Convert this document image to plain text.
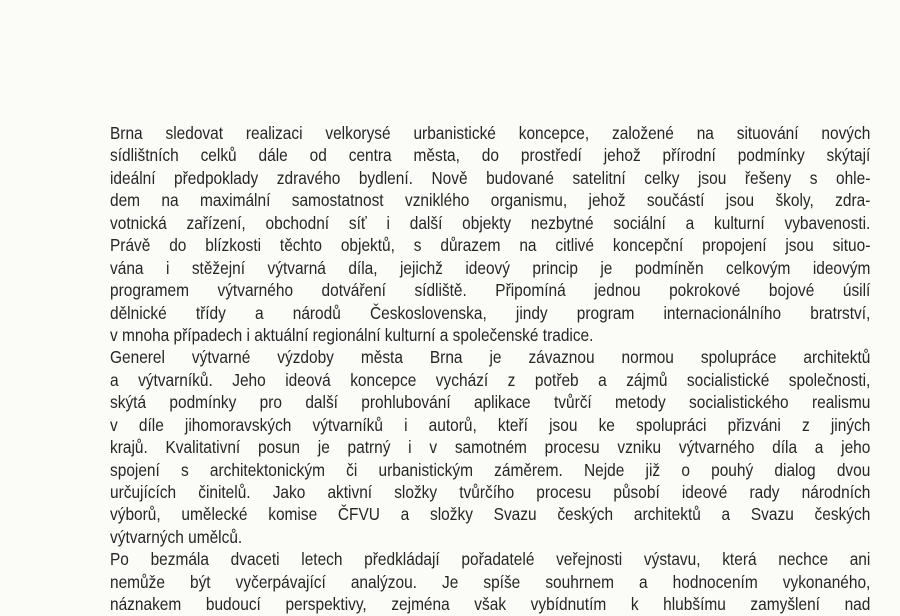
Brna sledovat realizaci velkorysé urbanistické koncepce, založené na situování nových
sídlištních celků dále od centra města, do prostředí jehož přírodní podmínky skýtají
ideální předpoklady zdravého bydlení. Nově budované satelitní celky jsou řešeny s ohle-
dem na maximální samostatnost vzniklého organismu, jehož součástí jsou školy, zdra-
votnická zařízení, obchodní síť i další objekty nezbytné sociální a kulturní vybavenosti.
Právě do blízkosti těchto objektů, s důrazem na citlivé koncepční propojení jsou situo-
vána i stěžejní výtvarná díla, jejichž ideový princip je podmíněn celkovým ideovým
programem výtvarného dotváření sídliště. Připomíná jednou pokrokové bojové úsilí
dělnické třídy a národů Československa, jindy program internacionálního bratrství,
v mnoha případech i aktuální regionální kulturní a společenské tradice.
Generel výtvarné výzdoby města Brna je závaznou normou spolupráce architektů
a výtvarníků. Jeho ideová koncepce vychází z potřeb a zájmů socialistické společnosti,
skýtá podmínky pro další prohlubování aplikace tvůrčí metody socialistického realismu
v díle jihomoravských výtvarníků i autorů, kteří jsou ke spolupráci přizváni z jiných
krajů. Kvalitativní posun je patrný i v samotném procesu vzniku výtvarného díla a jeho
spojení s architektonickým či urbanistickým záměrem. Nejde již o pouhý dialog dvou
určujících činitelů. Jako aktivní složky tvůrčího procesu působí ideové rady národních
výborů, umělecké komise ČFVU a složky Svazu českých architektů a Svazu českých
výtvarných umělců.
Po bezmála dvaceti letech předkládají pořadatelé veřejnosti výstavu, která nechce ani
nemůže být vyčerpávající analýzou. Je spíše souhrnem a hodnocením vykonaného,
náznakem budoucí perspektivy, zejména však vybídnutím k hlubšímu zamyšlení nad
